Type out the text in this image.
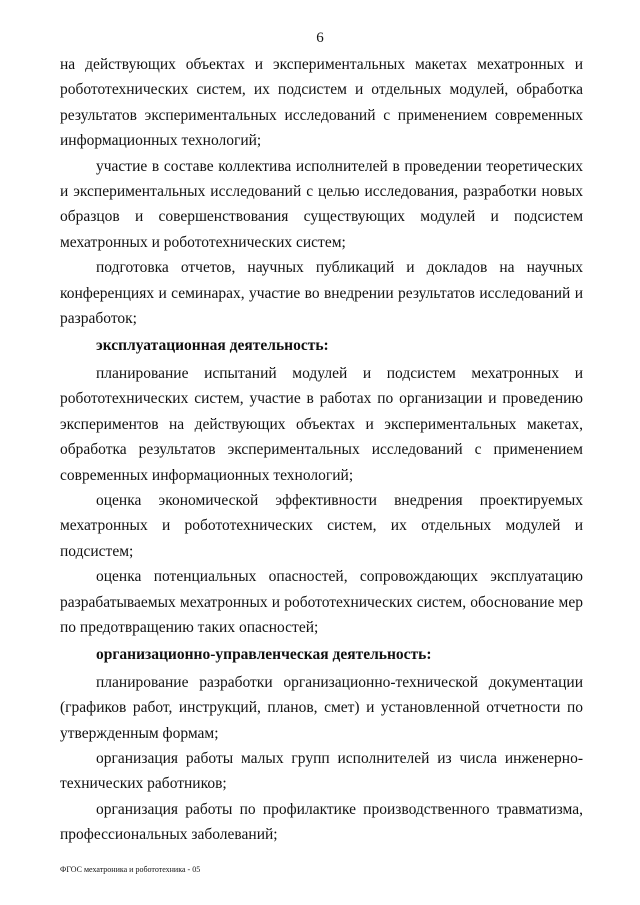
6

на действующих объектах и экспериментальных макетах мехатронных и робототехнических систем, их подсистем и отдельных модулей, обработка результатов экспериментальных исследований с применением современных информационных технологий;

участие в составе коллектива исполнителей в проведении теоретических и экспериментальных исследований с целью исследования, разработки новых образцов и совершенствования существующих модулей и подсистем мехатронных и робототехнических систем;

подготовка отчетов, научных публикаций и докладов на научных конференциях и семинарах, участие во внедрении результатов исследований и разработок;

эксплуатационная деятельность:

планирование испытаний модулей и подсистем мехатронных и робототехнических систем, участие в работах по организации и проведению экспериментов на действующих объектах и экспериментальных макетах, обработка результатов экспериментальных исследований с применением современных информационных технологий;

оценка экономической эффективности внедрения проектируемых мехатронных и робототехнических систем, их отдельных модулей и подсистем;

оценка потенциальных опасностей, сопровождающих эксплуатацию разрабатываемых мехатронных и робототехнических систем, обоснование мер по предотвращению таких опасностей;

организационно-управленческая деятельность:

планирование разработки организационно-технической документации (графиков работ, инструкций, планов, смет) и установленной отчетности по утвержденным формам;

организация работы малых групп исполнителей из числа инженерно-технических работников;

организация работы по профилактике производственного травматизма, профессиональных заболеваний;

ФГОС мехатроника и робототехника - 05
